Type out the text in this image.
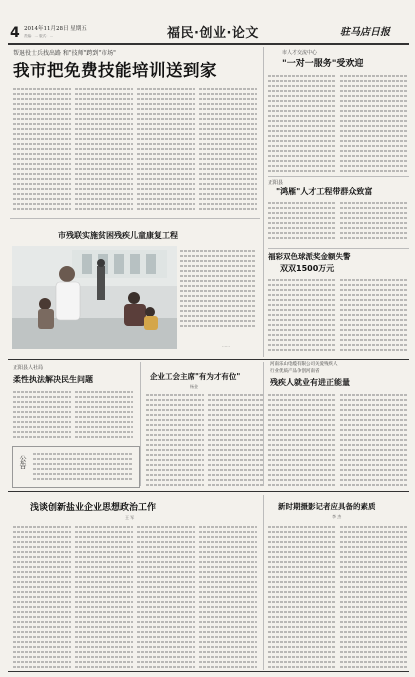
4 2014年11月28日 星期五
责编：… 版式：…	福民·创业·论文	驻马店日报
帮退役士兵找出路 和"技师"跨到"市场"
我市把免费技能培训送到家
市人才交流中心
"一对一服务"受欢迎
正阳县
"鸿雁"人才工程带群众致富
福彩双色球派奖金额失警
双双1500万元
市残联实施贫困残疾儿童康复工程
……
正阳县人社局
柔性执法解决民生问题
公告
企业工会主席"有为才有位"
杨金
河南乐山电缆有限公司关爱残疾人
行业优质产品争创河南省
残疾人就业有进正能量
浅谈创新盐业企业思想政治工作
王 军
新时期摄影记者应具备的素质
李 杰
